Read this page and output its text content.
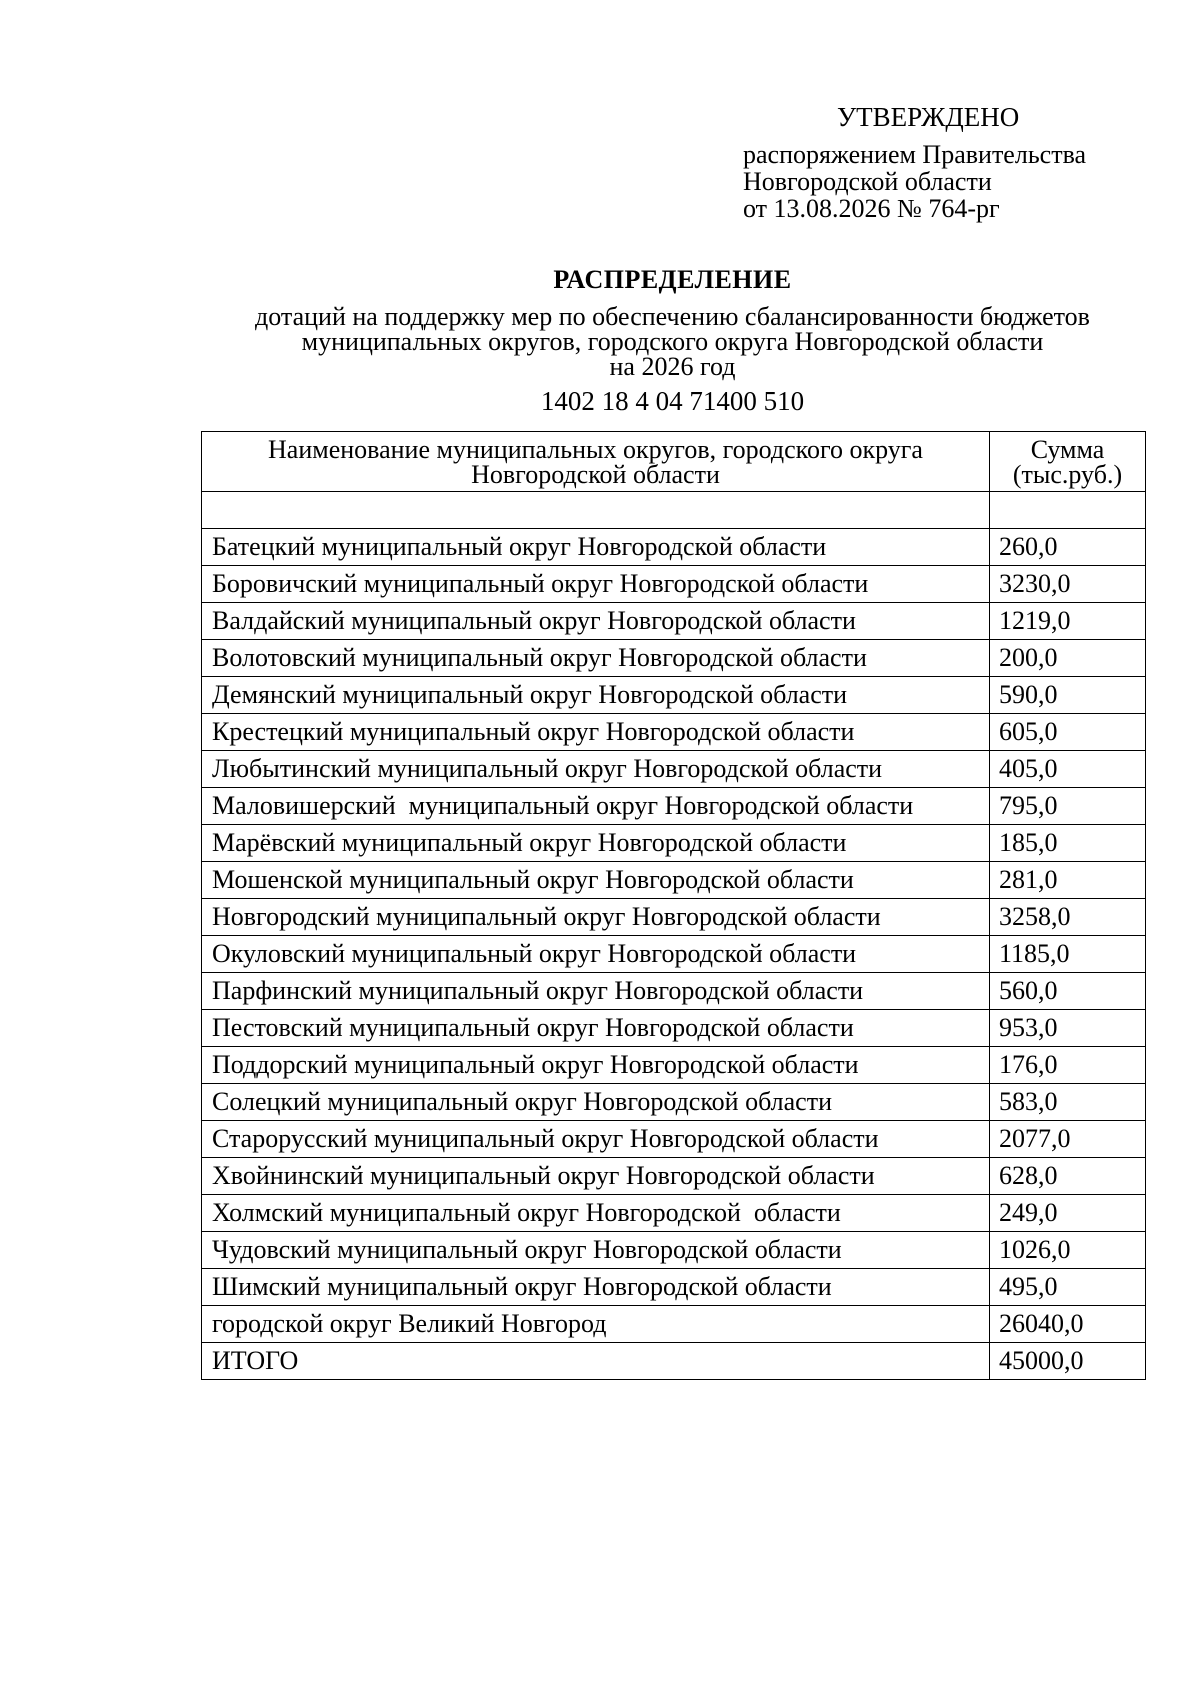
УТВЕРЖДЕНО
распоряжением Правительства
Новгородской области
от 13.08.2026 № 764-рг
РАСПРЕДЕЛЕНИЕ
дотаций на поддержку мер по обеспечению сбалансированности бюджетов
муниципальных округов, городского округа Новгородской области
на 2026 год
1402 18 4 04 71400 510
Наименование муниципальных округов, городского округа
Новгородской области	Сумма
(тыс.руб.)

Батецкий муниципальный округ Новгородской области	260,0
Боровичский муниципальный округ Новгородской области	3230,0
Валдайский муниципальный округ Новгородской области	1219,0
Волотовский муниципальный округ Новгородской области	200,0
Демянский муниципальный округ Новгородской области	590,0
Крестецкий муниципальный округ Новгородской области	605,0
Любытинский муниципальный округ Новгородской области	405,0
Маловишерский  муниципальный округ Новгородской области	795,0
Марёвский муниципальный округ Новгородской области	185,0
Мошенской муниципальный округ Новгородской области	281,0
Новгородский муниципальный округ Новгородской области	3258,0
Окуловский муниципальный округ Новгородской области	1185,0
Парфинский муниципальный округ Новгородской области	560,0
Пестовский муниципальный округ Новгородской области	953,0
Поддорский муниципальный округ Новгородской области	176,0
Солецкий муниципальный округ Новгородской области	583,0
Старорусский муниципальный округ Новгородской области	2077,0
Хвойнинский муниципальный округ Новгородской области	628,0
Холмский муниципальный округ Новгородской  области	249,0
Чудовский муниципальный округ Новгородской области	1026,0
Шимский муниципальный округ Новгородской области	495,0
городской округ Великий Новгород	26040,0
ИТОГО	45000,0
